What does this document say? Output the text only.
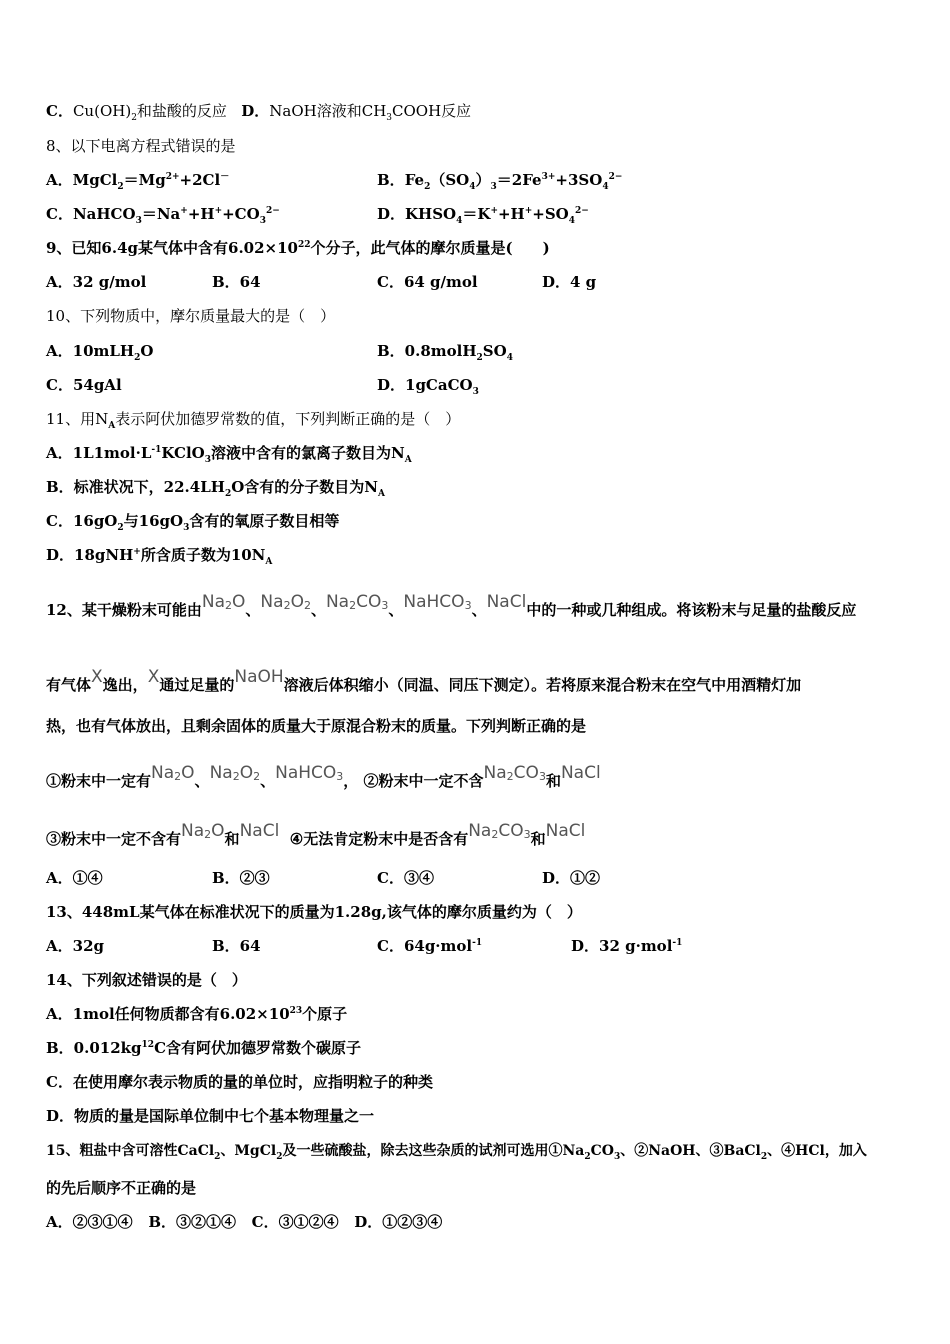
C．$Cu(OH)_2$和盐酸的反应 D．NaOH溶液和$CH_3COOH$反应
8、以下电离方程式错误的是
A．$MgCl_2=Mg^{2+}+2Cl^-$	B．$Fe_2(SO_4)_3=2Fe^{3+}+3SO_4^{2-}$
C．$NaHCO_3=Na^++H^++CO_3^{2-}$	D．$KHSO_4=K^++H^++SO_4^{2-}$
9、已知6.4g某气体中含有$6.02\times 10^{22}$个分子，此气体的摩尔质量是(　　)
A．32 g/mol	B．64	C．64 g/mol	D．4 g
10、下列物质中，摩尔质量最大的是（　）
A．10mLH$_2$O	B．$0.8molH_2SO_4$
C．54gAl	D．1gCaCO$_3$
11、用$N_A$表示阿伏加德罗常数的值，下列判断正确的是（　）
A．$1L1mol\cdot L^{-1}KClO_3$溶液中含有的氯离子数目为$N_A$
B．标准状况下，$22.4LH_2O$含有的分子数目为$N_A$
C．$16gO_2$与$16gO_3$含有的氧原子数目相等
D．18gNH+所含质子数为$10N_A$
12、某干燥粉末可能由$Na_2O$、$Na_2O_2$、$Na_2CO_3$、NaHCO$_3$、NaCl中的一种或几种组成。将该粉末与足量的盐酸反应
有气体X逸出，X通过足量的NaOH溶液后体积缩小（同温、同压下测定）。若将原来混合粉末在空气中用酒精灯加
热，也有气体放出，且剩余固体的质量大于原混合粉末的质量。下列判断正确的是
①粉末中一定有$Na_2O$、$Na_2O_2$、NaHCO$_3$， ②粉末中一定不含$Na_2CO_3$和NaCl
③粉末中一定不含有$Na_2O$和NaCl ④无法肯定粉末中是否含有$Na_2CO_3$和NaCl
A．①④	B．②③	C．③④	D．①②
13、448mL某气体在标准状况下的质量为1.28g,该气体的摩尔质量约为（　）
A．32g	B．64	C．64g·mol$^{-1}$	D．32 g·mol$^{-1}$
14、下列叙述错误的是（　）
A．1mol任何物质都含有$6.02\times 10^{23}$个原子
B．$0.012kg^{12}C$含有阿伏加德罗常数个碳原子
C．在使用摩尔表示物质的量的单位时，应指明粒子的种类
D．物质的量是国际单位制中七个基本物理量之一
15、粗盐中含可溶性CaCl$_2$、MgCl$_2$及一些硫酸盐，除去这些杂质的试剂可选用$①Na_2CO_3$、②NaOH、③BaCl$_2$、④HCl，加入
的先后顺序不正确的是
A．②③①④ B．③②①④ C．③①②④ D．①②③④
